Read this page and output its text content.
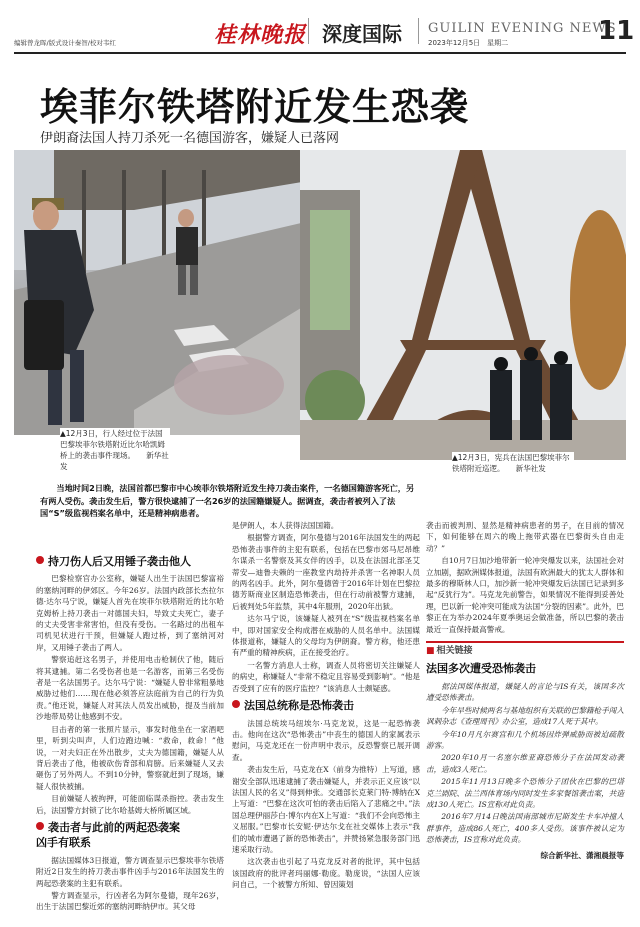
编辑曾龙晖/版式设计秦智/校对韦红	桂林晚报 深度国际 GUILIN EVENING NEWS
2023年12月5日　星期二	11
埃菲尔铁塔附近发生恐袭
伊朗裔法国人持刀杀死一名德国游客，嫌疑人已落网
▲12月3日，行人经过位于法国巴黎埃菲尔铁塔附近比尔哈凯姆桥上的袭击事件现场。　　新华社发
▲12月3日，宪兵在法国巴黎埃菲尔铁塔附近巡逻。　　新华社发

当地时间2日晚，法国首都巴黎市中心埃菲尔铁塔附近发生持刀袭击案件，一名德国籍游客死亡，另有两人受伤。袭击发生后，警方很快逮捕了一名26岁的法国籍嫌疑人。据调查，袭击者被列入了法国“S”级监视档案名单中，还是精神病患者。

持刀伤人后又用锤子袭击他人

巴黎检察官办公室称，嫌疑人出生于法国巴黎富裕的塞纳河畔的伊郊区。今年26岁。法国内政部长杰拉尔德·达尔马宁说，嫌疑人首先在埃菲尔铁塔附近的比尔哈克姆桥上持刀袭击一对德国夫妇，导致丈夫死亡，妻子的丈夫受害非常害怕，但没有受伤。一名路过的出租车司机见状进行干预，但嫌疑人跑过桥，到了塞纳河对岸，又用锤子袭击了两人。

警察追赶这名男子，并使用电击枪制伏了他，随后将其逮捕。第二名受伤者也是一名游客，而第三名受伤者是一名法国男子。达尔马宁说：“嫌疑人曾非常粗暴地威胁过他们……现在他必须答应法庭前为自己的行为负责。”他还说，嫌疑人对其法人员发出威胁，提及当前加沙地带局势让他感到不安。

目击者的第一张照片显示，事发时他坐在一家酒吧里，听到尖叫声，人们边跑边喊：“救命，救命！”他说，一对夫妇正在外出散步，丈夫为德国籍，嫌疑人从背后袭击了他，他被砍伤背部和肩膀。后来嫌疑人又去砸伤了另外两人。不到10分钟，警察就赶到了现场，嫌疑人很快被捕。

目前嫌疑人被拘押，可能面临谋杀指控。袭击发生后，法国警方封锁了比尔哈基姆大桥所属区域。

袭击者与此前的两起恐袭案
凶手有联系

据法国媒体3日报道，警方调查显示巴黎埃菲尔铁塔附近2日发生的持刀袭击事件凶手与2016年法国发生的两起恐袭案的主犯有联系。

警方调查显示，行凶者名为阿尔曼德，现年26岁，出生于法国巴黎近郊的塞纳河畔纳伊市。其父母

是伊朗人，本人获得法国国籍。

根据警方调查，阿尔曼德与2016年法国发生的两起恐怖袭击事件的主犯有联系，包括在巴黎市郊马尼昂维尔谋杀一名警察及其女伴的凶手，以及在法国北部圣艾蒂安—迪鲁夫赖的一座教堂内劫持并杀害一名神职人员的两名凶手。此外，阿尔曼德曾于2016年计划在巴黎拉德芳斯商业区制造恐怖袭击，但在行动前被警方逮捕，后被判处5年监禁，其中4年服刑，2020年出狱。

达尔马宁说，该嫌疑人被列在“S”级监视档案名单中，即对国家安全构成潜在威胁的人员名单中。法国媒体报道称，嫌疑人的父母均为伊朗裔。警方称，他还患有严重的精神疾病，正在接受治疗。

一名警方消息人士称，调查人员将密切关注嫌疑人的病史，称嫌疑人“非常不稳定且容易受到影响”。“他是否受到了应有的医疗监控？”该消息人士颇疑惑。

法国总统称是恐怖袭击

法国总统埃马纽埃尔·马克龙说，这是一起恐怖袭击。他向在这次“恐怖袭击”中丧生的德国人的家属表示慰问，马克龙还在一份声明中表示，反恐警察已展开调查。

袭击发生后，马克龙在X（前身为推特）上写道，感谢安全部队迅速逮捕了袭击嫌疑人，并表示正义应该“以法国人民的名义”得到伸张。交通部长克莱门特·博纳在X上写道：“巴黎在这次可怕的袭击后陷入了悲痛之中。”法国总理伊丽莎白·博尔内在X上写道：“我们不会向恐怖主义屈服。”巴黎市长安妮·伊达尔戈在社交媒体上表示“我们的城市遭遇了新的恐怖袭击”，并赞扬紧急服务部门迅速采取行动。

这次袭击也引起了马克龙反对者的批评，其中包括该国政府的批评者玛丽娜·勒庞。勒庞说，“法国人应该问自己，一个被警方所知、曾因策划

袭击而被判刑、显然是精神病患者的男子，在目前的情况下，如何能够在周六的晚上拖带武器在巴黎街头自由走动？”

自10月7日加沙地带新一轮冲突爆发以来，法国社会对立加剧，据欧洲媒体报道，法国有欧洲最大的犹太人群体和最多的穆斯林人口，加沙新一轮冲突爆发后法国已记录到多起“反犹行为”。马克龙先前警告，如果情况不能得到妥善处理，巴以新一轮冲突可能成为法国“分裂的因素”。此外，巴黎正在为举办2024年夏季奥运会做准备，所以巴黎的袭击最近一直保持最高警戒。

■ 相关链接
法国多次遭受恐怖袭击

据法国媒体报道，嫌疑人的言论与IS有关，该国多次遭受恐怖袭击。

今年早些时候两名与基地组织有关联的巴黎籍枪手闯入讽刺杂志《查理周刊》办公室，造成17人死于其中。

今年10月凡尔赛宫和几个机场因炸弹威胁而被迫疏散游客。

2020年10月一名塞尔维亚裔恐怖分子在法国发动袭击，造成3人死亡。

2015年11月13日晚多个恐怖分子团伙在巴黎的巴塔克兰剧院、法兰西体育场内同时发生多家餐馆袭击案，共造成130人死亡。IS宣称对此负责。

2016年7月14日晚法国南部城市尼斯发生卡车冲撞人群事件，造成86人死亡，400多人受伤。该事件被认定为恐怖袭击，IS宣称对此负责。

综合新华社、潇湘晨报等
